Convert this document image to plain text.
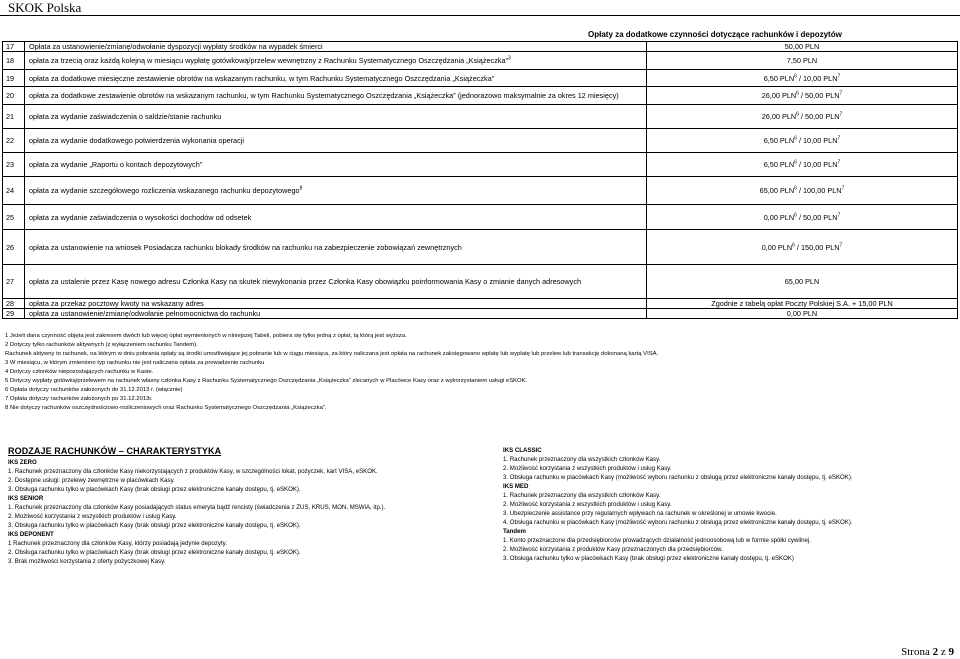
SKOK Polska
Opłaty za dodatkowe czynności dotyczące rachunków i depozytów
17	Opłata za ustanowienie/zmianę/odwołanie dyspozycji wypłaty środków na wypadek śmierci	50,00 PLN
18	opłata za trzecią oraz każdą kolejną w miesiącu wypłatę gotówkową/przelew wewnętrzny z Rachunku Systematycznego Oszczędzania „Książeczka”$^3$	7,50 PLN
19	opłata za dodatkowe miesięczne zestawienie obrotów na wskazanym rachunku, w tym Rachunku Systematycznego Oszczędzania „Książeczka”	6,50 PLN$^6$ / 10,00 PLN$^7$
20	opłata za dodatkowe zestawienie obrotów na wskazanym rachunku, w tym Rachunku Systematycznego Oszczędzania „Książeczka” (jednorazowo maksymalnie za okres 12 miesięcy)	26,00 PLN$^6$ / 50,00 PLN$^7$
21	opłata za wydanie zaświadczenia o saldzie/stanie rachunku	26,00 PLN$^6$ / 50,00 PLN$^7$
22	opłata za wydanie dodatkowego potwierdzenia wykonania operacji	6,50 PLN$^6$ / 10,00 PLN$^7$
23	opłata za wydanie „Raportu o kontach depozytowych”	6,50 PLN$^6$ / 10,00 PLN$^7$
24	opłata za wydanie szczegółowego rozliczenia wskazanego rachunku depozytowego$^8$	65,00 PLN$^6$ / 100,00 PLN$^7$
25	opłata za wydanie zaświadczenia o wysokości dochodów od odsetek	0,00 PLN$^6$ / 50,00 PLN$^7$
26	opłata za ustanowienie na wniosek Posiadacza rachunku blokady środków na rachunku na zabezpieczenie zobowiązań zewnętrznych	0,00 PLN$^6$ / 150,00 PLN$^7$
27	opłata za ustalenie przez Kasę nowego adresu Członka Kasy na skutek niewykonania przez Członka Kasy obowiązku poinformowania Kasy o zmianie danych adresowych	65,00 PLN
28	opłata za przekaz pocztowy kwoty na wskazany adres	Zgodnie z tabelą opłat Poczty Polskiej S.A. + 15,00 PLN
29	opłata za ustanowienie/zmianę/odwołanie pełnomocnictwa do rachunku	0,00 PLN
1 Jeżeli dana czynność objęta jest zakresem dwóch lub więcej opłat wymienionych w niniejszej Tabeli, pobiera się tylko jedną z opłat, tą którą jest wyższa.
2 Dotyczy tylko rachunków aktywnych (z wyłączeniem rachunku Tandem).
Rachunek aktywny to rachunek, na którym w dniu pobrania opłaty są środki umożliwiające jej pobranie lub w ciągu miesiąca, za który naliczana jest opłata na rachunek zaksięgowano wpłatę lub wypłatę lub przelew lub transakcję dokonaną kartą VISA.
3 W miesiącu, w którym zmieniono typ rachunku nie jest naliczana opłata za prowadzenie rachunku
4 Dotyczy członków niepozostających rachunku w Kasie.
5 Dotyczy wypłaty gotówką/przelewem na rachunek własny członka Kasy z Rachunku Systematycznego Oszczędzania „Książeczka” zlecanych w Placówce Kasy oraz z wykorzystaniem usługi eSKOK.
6 Opłata dotyczy rachunków założonych do 31.12.2013 r. (włącznie)
7 Opłata dotyczy rachunków założonych po 31.12.2013r.
8 Nie dotyczy rachunków oszczędnościowo-rozliczeniowych oraz Rachunku Systematycznego Oszczędzania „Książeczka”.
RODZAJE RACHUNKÓW – CHARAKTERYSTYKA
IKS ZERO
1. Rachunek przeznaczony dla członków Kasy niekorzystających z produktów Kasy, w szczególności lokat, pożyczek, kart VISA, eSKOK.
2. Dostępne usługi: przelewy zewnętrzne w placówkach Kasy.
3. Obsługa rachunku tylko w placówkach Kasy (brak obsługi przez elektroniczne kanały dostępu, tj. eSKOK).
IKS SENIOR
1. Rachunek przeznaczony dla członków Kasy posiadających status emeryta bądź rencisty (świadczenia z ZUS, KRUS, MON, MSWiA, itp.).
2. Możliwość korzystania z wszystkich produktów i usług Kasy.
3. Obsługa rachunku tylko w placówkach Kasy (brak obsługi przez elektroniczne kanały dostępu, tj. eSKOK).
IKS DEPONENT
1 Rachunek przeznaczony dla członków Kasy, którzy posiadają jedynie depozyty.
2. Obsługa rachunku tylko w placówkach Kasy (brak obsługi przez elektroniczne kanały dostępu, tj. eSKOK).
3. Brak możliwości korzystania z oferty pożyczkowej Kasy.
IKS CLASSIC
1. Rachunek przeznaczony dla wszystkich członków Kasy.
2. Możliwość korzystania z wszystkich produktów i usług Kasy.
3. Obsługa rachunku w placówkach Kasy (możliwość wyboru rachunku z obsługą przez elektroniczne kanały dostępu, tj. eSKOK).
IKS MED
1. Rachunek przeznaczony dla wszystkich członków Kasy.
2. Możliwość korzystania z wszystkich produktów i usług Kasy.
3. Ubezpieczenie assistance przy regularnych wpływach na rachunek w określonej w umowie kwocie.
4. Obsługa rachunku w placówkach Kasy (możliwość wyboru rachunku z obsługą przez elektroniczne kanały dostępu, tj. eSKOK).
Tandem
1. Konto przeznaczone dla przedsiębiorców prowadzących działalność jednoosobową lub w formie spółki cywilnej.
2. Możliwość korzystania z produktów Kasy przeznaczonych dla przedsiębiorców.
3. Obsługa rachunku tylko w placówkach Kasy (brak obsługi przez elektroniczne kanały dostępu, tj. eSKOK)
Strona 2 z 9
